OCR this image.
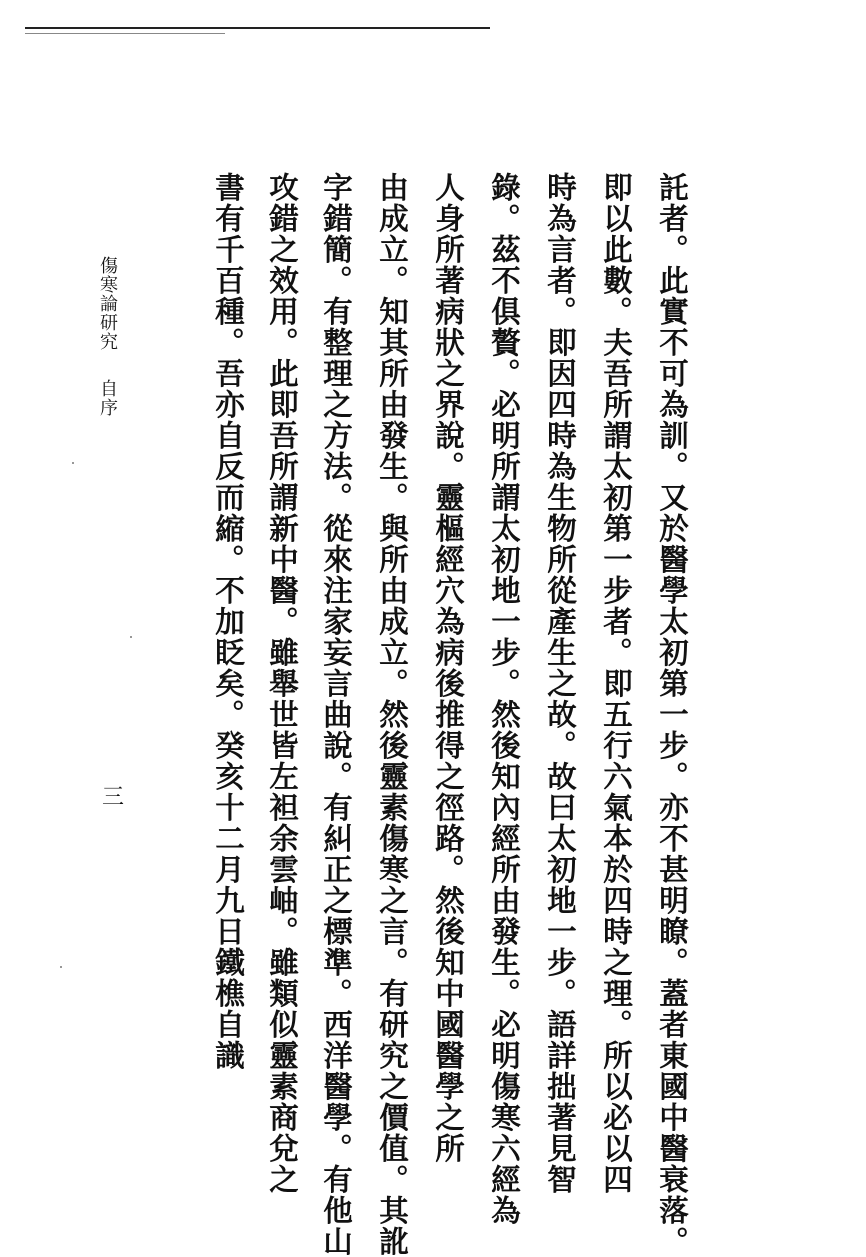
託者。此實不可為訓。又於醫學太初第一步。亦不甚明瞭。蓋者東國中醫衰落。
即以此數。夫吾所謂太初第一步者。即五行六氣本於四時之理。所以必以四
時為言者。即因四時為生物所從產生之故。故曰太初地一步。語詳拙著見智
錄。茲不俱贅。必明所謂太初地一步。然後知內經所由發生。必明傷寒六經為
人身所著病狀之界說。靈樞經穴為病後推得之徑路。然後知中國醫學之所
由成立。知其所由發生。與所由成立。然後靈素傷寒之言。有研究之價值。其訛
字錯簡。有整理之方法。從來注家妄言曲說。有糾正之標準。西洋醫學。有他山
攻錯之效用。此即吾所謂新中醫。雖舉世皆左袒余雲岫。雖類似靈素商兌之
書有千百種。吾亦自反而縮。不加眨矣。癸亥十二月九日鐵樵自識
傷寒論研究自序
三
